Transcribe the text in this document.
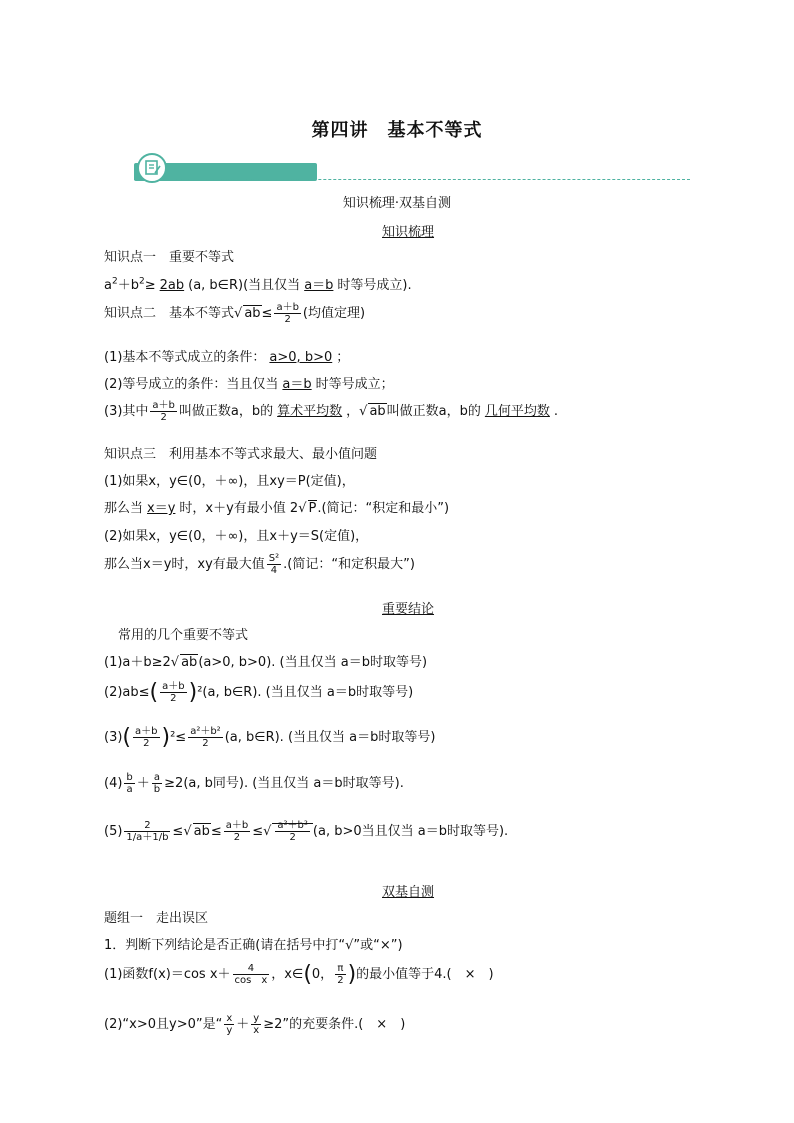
第四讲　基本不等式
知识梳理·双基自测
知识梳理
知识点一　重要不等式
$a^2+b^2\ge 2ab$ (a, b∈R)(当且仅当 a＝b 时等号成立).
知识点二　基本不等式√ $ab\le \frac{a+b}{2}$ (均值定理)
(1)基本不等式成立的条件： a>0, b>0 ；
(2)等号成立的条件：当且仅当 a＝b 时等号成立；
(3)其中 $\frac{a+b}{2}$ 叫做正数a，b的 算术平均数 ，√ ab叫做正数a，b的 几何平均数 .
知识点三　利用基本不等式求最大、最小值问题
(1)如果x，y∈(0，＋∞)，且xy＝P(定值)，
那么当 x＝y 时，x＋y有最小值 2√ P.(简记：“积定和最小”)
(2)如果x，y∈(0，＋∞)，且x＋y＝S(定值)，
那么当x＝y时，xy有最大值 $\frac{\text{S²}}{4}$ .(简记：“和定积最大”)
重要结论
常用的几个重要不等式
(1)a＋b≥2√ ab(a>0, b>0). (当且仅当 a＝b时取等号)
$(2)ab\le( \frac{a+b}{2} )^2(a$, b∈R). (当且仅当 a＝b时取等号)
$(3)( \frac{a+b}{2} )^2\le \frac{\text{a²＋b²}}{2} (a$, b∈R). (当且仅当 a＝b时取等号)
$(4) \frac{b}{a} + \frac{a}{b} \ge 2(a$, b同号). (当且仅当 a＝b时取等号).
$(5) \frac{2}{1/a+1/b}$ ≤√ $ab\le \frac{a+b}{2}$ ≤√ $\frac{\text{a²＋b²}}{2} (a$, b>0当且仅当 a＝b时取等号).
双基自测
题组一　走出误区
1．判断下列结论是否正确(请在括号中打“√”或“×”)
(1)函数f(x)＝cos $x+ \frac{4}{\text{cos　x}}$ ，x∈(0， $\frac{\pi}{2}$ )的最小值等于4.(　×　)
(2)“x>0且y>0”是“ $\frac{x}{y} + \frac{y}{x} \ge 2$”的充要条件.(　×　)
